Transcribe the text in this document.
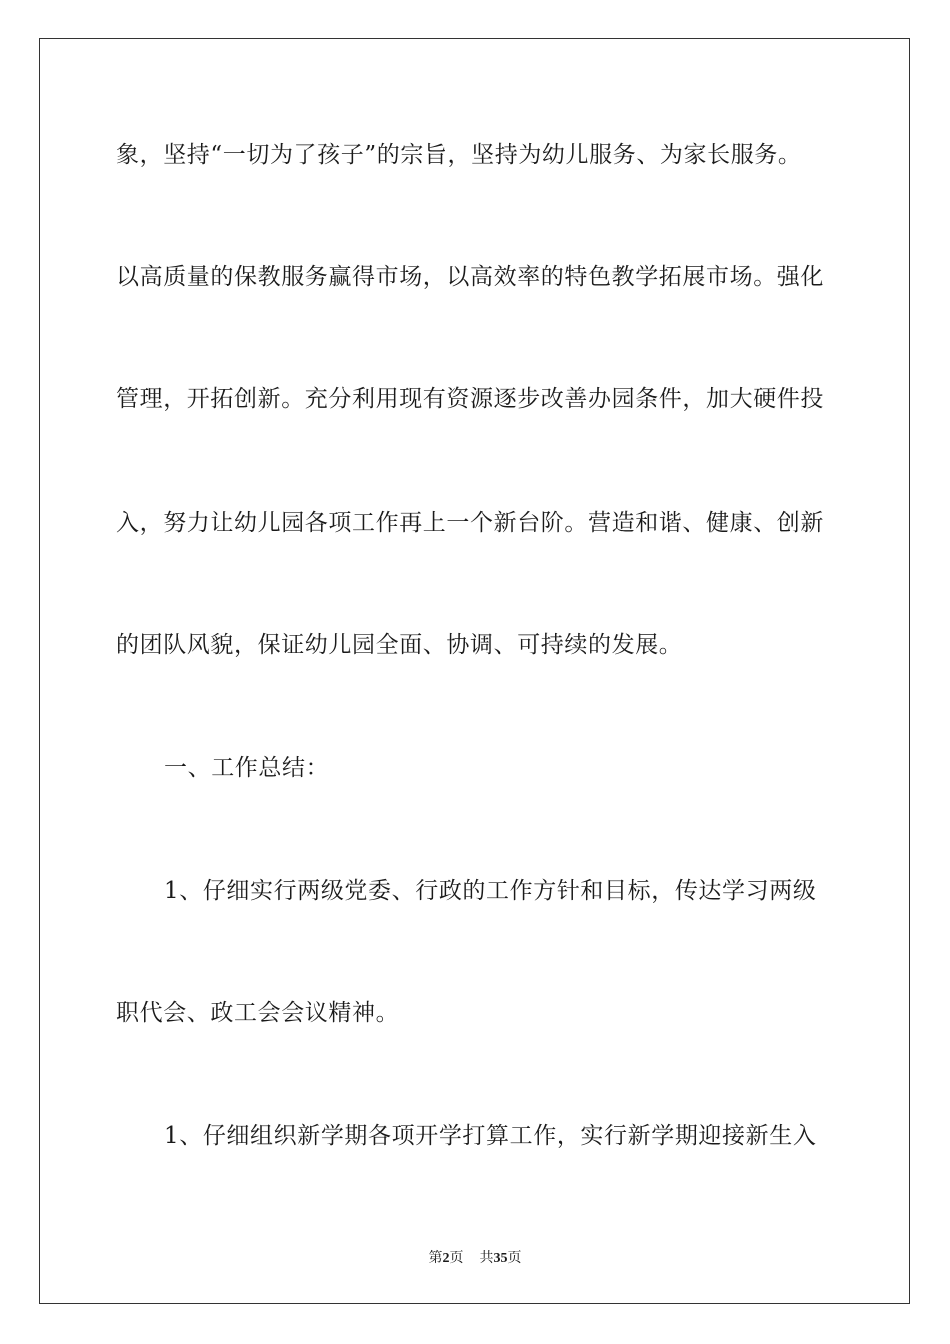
象，坚持“一切为了孩子”的宗旨，坚持为幼儿服务、为家长服务。
以高质量的保教服务赢得市场，以高效率的特色教学拓展市场。强化
管理，开拓创新。充分利用现有资源逐步改善办园条件，加大硬件投
入，努力让幼儿园各项工作再上一个新台阶。营造和谐、健康、创新
的团队风貌，保证幼儿园全面、协调、可持续的发展。
一、工作总结：
1、仔细实行两级党委、行政的工作方针和目标，传达学习两级
职代会、政工会会议精神。
1、仔细组织新学期各项开学打算工作，实行新学期迎接新生入
第2页 共35页
